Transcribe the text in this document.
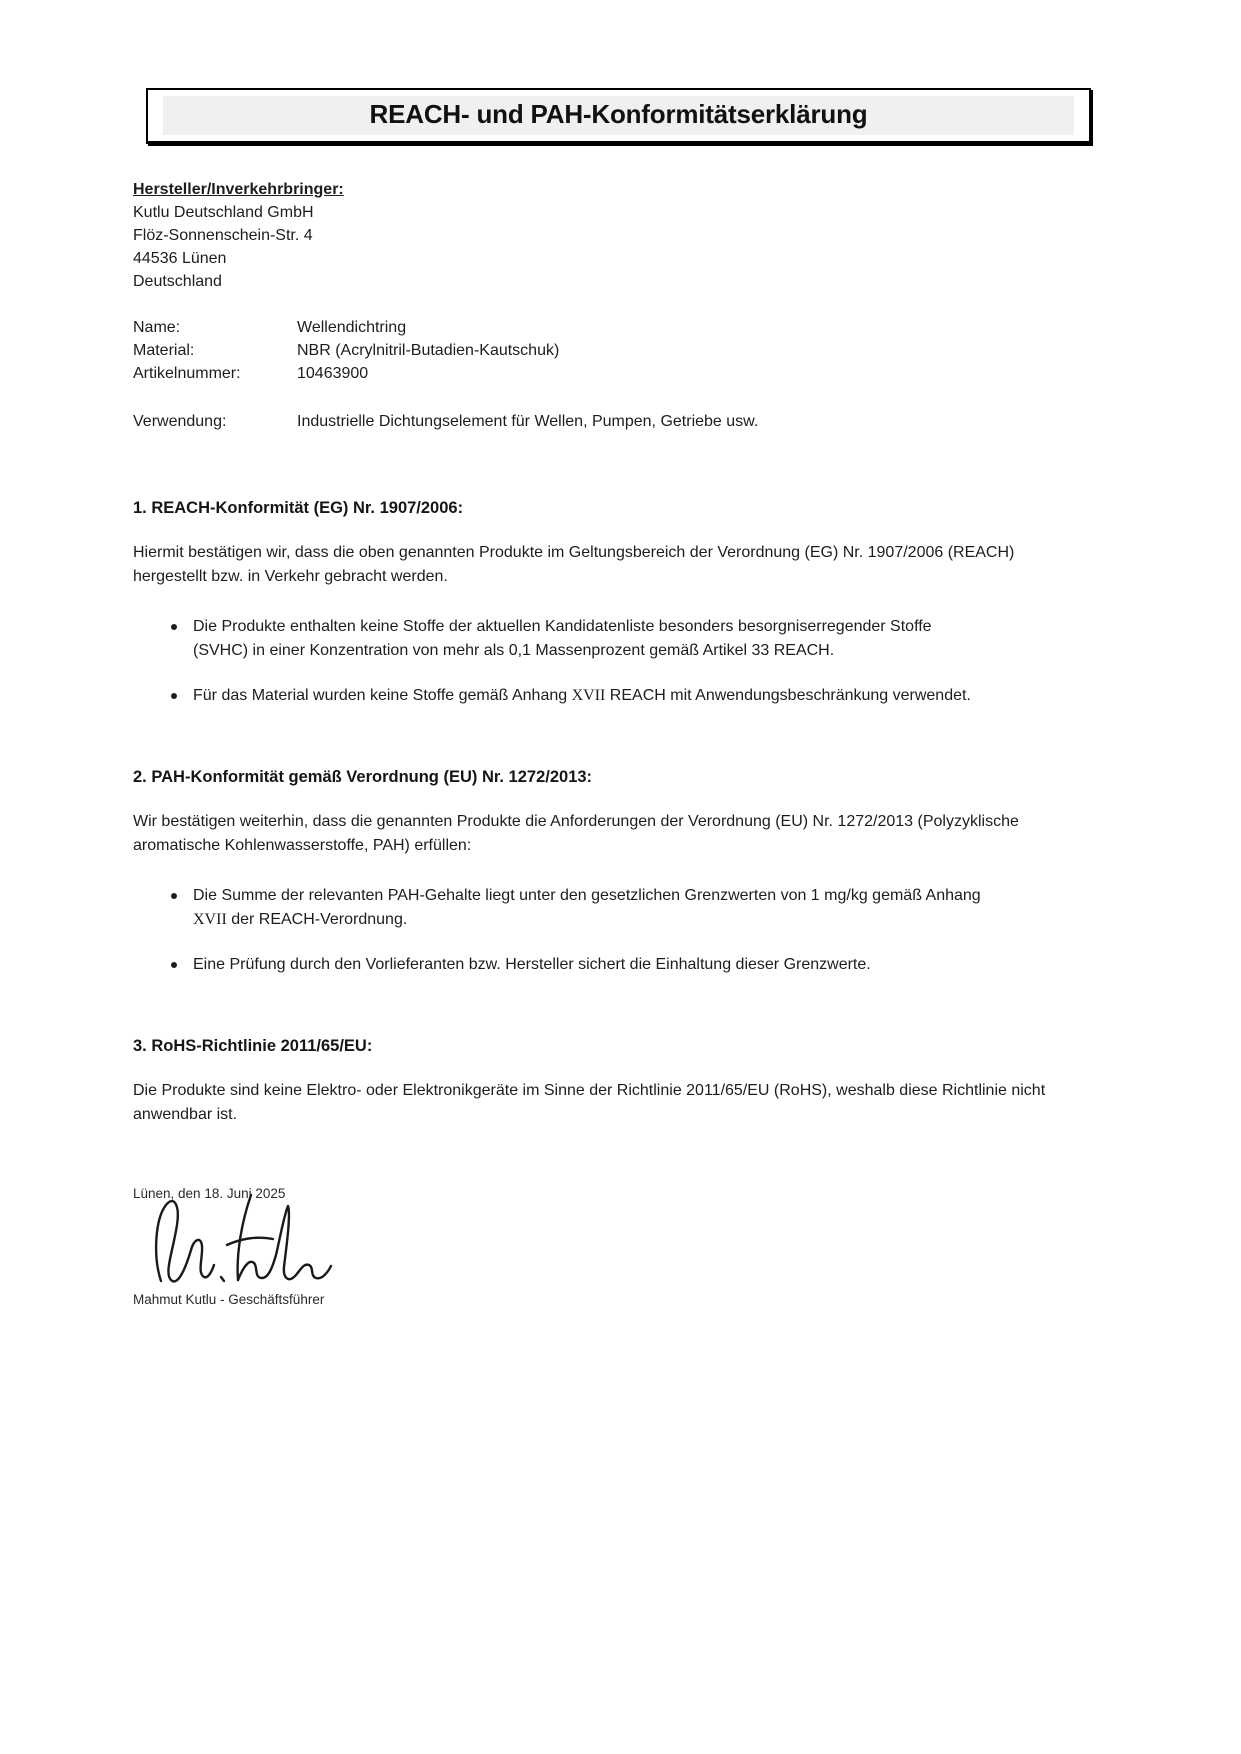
REACH- und PAH-Konformitätserklärung

Hersteller/Inverkehrbringer:

Kutlu Deutschland GmbH
Flöz-Sonnenschein-Str. 4
44536 Lünen
Deutschland
Name:	Wellendichtring
Material:	NBR (Acrylnitril-Butadien-Kautschuk)
Artikelnummer:	10463900
Verwendung:	Industrielle Dichtungselement für Wellen, Pumpen, Getriebe usw.
1. REACH-Konformität (EG) Nr. 1907/2006:

Hiermit bestätigen wir, dass die oben genannten Produkte im Geltungsbereich der Verordnung (EG) Nr. 1907/2006 (REACH) hergestellt bzw. in Verkehr gebracht werden.

Die Produkte enthalten keine Stoffe der aktuellen Kandidatenliste besonders besorgniserregender Stoffe (SVHC) in einer Konzentration von mehr als 0,1 Massenprozent gemäß Artikel 33 REACH.
Für das Material wurden keine Stoffe gemäß Anhang XVII REACH mit Anwendungsbeschränkung verwendet.
2. PAH-Konformität gemäß Verordnung (EU) Nr. 1272/2013:

Wir bestätigen weiterhin, dass die genannten Produkte die Anforderungen der Verordnung (EU) Nr. 1272/2013 (Polyzyklische aromatische Kohlenwasserstoffe, PAH) erfüllen:

Die Summe der relevanten PAH-Gehalte liegt unter den gesetzlichen Grenzwerten von 1 mg/kg gemäß Anhang XVII der REACH-Verordnung.
Eine Prüfung durch den Vorlieferanten bzw. Hersteller sichert die Einhaltung dieser Grenzwerte.
3. RoHS-Richtlinie 2011/65/EU:

Die Produkte sind keine Elektro- oder Elektronikgeräte im Sinne der Richtlinie 2011/65/EU (RoHS), weshalb diese Richtlinie nicht anwendbar ist.

Lünen, den 18. Juni 2025
Mahmut Kutlu - Geschäftsführer
